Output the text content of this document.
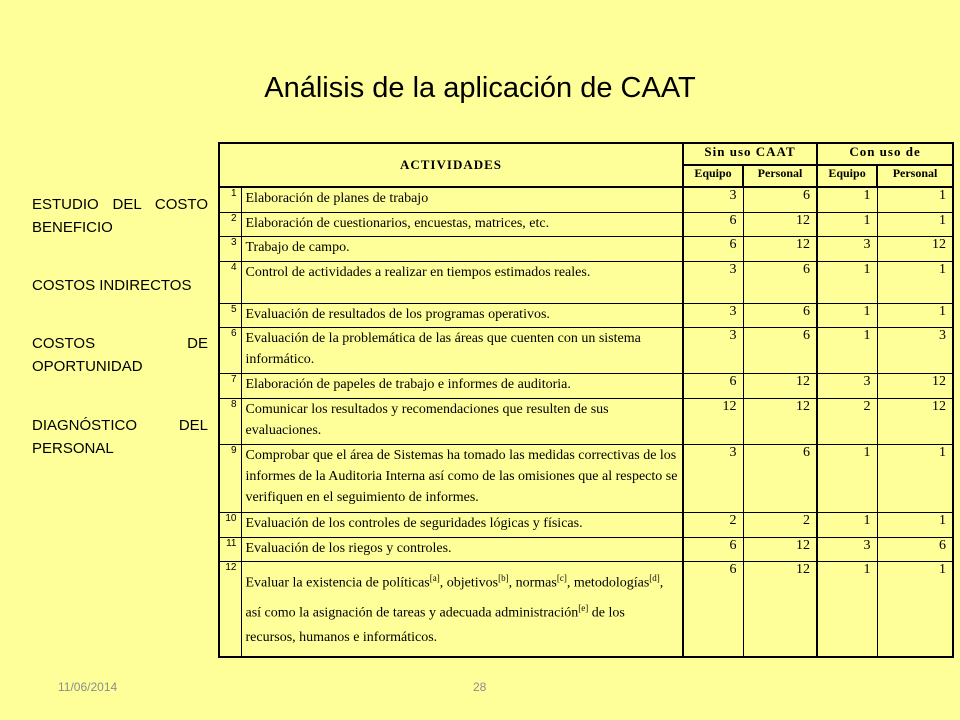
Análisis de la aplicación de CAAT
ESTUDIO DEL COSTO
BENEFICIO
COSTOS INDIRECTOS
COSTOS DE
OPORTUNIDAD
DIAGNÓSTICO DEL
PERSONAL
ACTIVIDADES		Sin uso CAAT		Con uso de	
		Equipo	Personal	Equipo	Personal
1	Elaboración de planes de trabajo	3	6	1	1
2	Elaboración de cuestionarios, encuestas, matrices, etc.	6	12	1	1
3	Trabajo de campo.	6	12	3	12
4	Control de actividades a realizar en tiempos estimados reales.	3	6	1	1
5	Evaluación de resultados de los programas operativos.	3	6	1	1
6	Evaluación de la problemática de las áreas que cuenten con un sistema informático.	3	6	1	3
7	Elaboración de papeles de trabajo e informes de auditoria.	6	12	3	12
8	Comunicar los resultados y recomendaciones que resulten de sus evaluaciones.	12	12	2	12
9	Comprobar que el área de Sistemas ha tomado las medidas correctivas de los informes de la Auditoria Interna así como de las omisiones que al respecto se verifiquen en el seguimiento de informes.	3	6	1	1
10	Evaluación de los controles de seguridades lógicas y físicas.	2	2	1	1
11	Evaluación de los riegos y controles.	6	12	3	6
12	Evaluar la existencia de políticas[a], objetivos[b], normas[c], metodologías[d], así como la asignación de tareas y adecuada administración[e] de los recursos, humanos e informáticos.	6	12	1	1
11/06/2014	28
